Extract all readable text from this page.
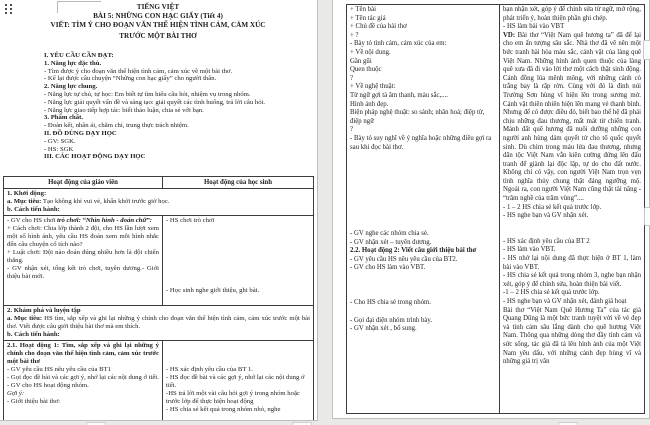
TIẾNG VIỆT
BÀI 5: NHỮNG CON HẠC GIẤY (Tiết 4)
VIẾT: TÌM Ý CHO ĐOẠN VĂN THỂ HIỆN TÌNH CẢM, CẢM XÚC
TRƯỚC MỘT BÀI THƠ
I. YÊU CẦU CẦN ĐẠT:
1. Năng lực đặc thù.
- Tìm được ý cho đoạn văn thể hiện tình cảm, cảm xúc về một bài thơ.
- Kể lại được câu chuyện “Những con hạc giấy” cho người thân.
2. Năng lực chung.
- Năng lực tự chủ, tự học: Em biết tự tìm hiểu câu hỏi, nhiệm vụ trong nhóm.
- Năng lực giải quyết vấn đề và sáng tạo: giải quyết các tình huống, trả lời câu hỏi.
- Năng lực giao tiếp hợp tác: biết thảo luận, chia sẻ với bạn.
3. Phẩm chất.
- Đoàn kết, nhân ái, chăm chỉ, trung thực trách nhiệm.
II. ĐỒ DÙNG DẠY HỌC
- GV: SGK.
- HS: SGK
III. CÁC HOẠT ĐỘNG DẠY HỌC
Hoạt động của giáo viên	Hoạt động của học sinh
1. Khởi động:
a. Mục tiêu: Tạo không khí vui vẻ, khấn khởi trước giờ học.
b. Cách tiến hành:
- GV cho HS chơi trò chơi: “Nhìn hình - đoán chữ”:
+ Cách chơi: Chia lớp thành 2 đội, cho HS lần lượt xem một số hình ảnh, yêu cầu HS đoán xem mỗi hình nhắc đến câu chuyện cổ tích nào?
+ Luật chơi: Đội nào đoán đúng nhiều hơn là đội chiến thắng.
- GV nhận xét, tổng kết trò chơi, tuyên dương.- Giới thiệu bài mới.
- HS chơi trò chơi
- Học sinh nghe giới thiệu, ghi bài.
2. Khám phá và luyện tập
a. Mục tiêu: HS tìm, sắp xếp và ghi lại những ý chính cho đoạn văn thể hiện tình cảm, cảm xúc trước một bài thơ. Viết được câu giới thiệu bài thơ mà em thích.
b. Cách tiến hành:
2.1. Hoạt động 1: Tìm, sắp xếp và ghi lại những ý chính cho đoạn văn thể hiện tình cảm, cảm xúc trước một bài thơ
- GV yêu cầu HS nêu yêu cầu của BT1
- Gọi đọc đề bài và các gợi ý, nhớ lại các nội dung ở tiết.
- GV cho HS hoạt động nhóm.
Gợi ý:
- Giới thiệu bài thơ:
- HS xác định yêu cầu của BT 1.
- HS đọc đề bài và các gợi ý, nhớ lại các nội dung ở tiết.
-HS trả lời một vài câu hỏi gợi ý trong nhóm hoặc trước lớp để thực hiện hoạt động
- HS chia sẻ kết quả trong nhóm nhỏ, nghe
+ Tên bài
+ Tên tác giả
+ Chủ đề của bài thơ
+ ?
- Bày tỏ tình cảm, cảm xúc của em:
+ Về nội dung.
Gần gũi
Quen thuộc
?
+ Về nghệ thuật:
Từ ngữ gợi tả âm thanh, màu sắc,....
Hình ảnh đẹp.
Biện pháp nghệ thuật: so sánh; nhân hoá; điệp từ, điệp ngữ
?
- Bày tỏ suy nghĩ về ý nghĩa hoặc những điều gợi ra sau khi đọc bài thơ.
- GV nghe các nhóm chia sẻ.
- GV nhận xét – tuyên dương.
2.2. Hoạt động 2: Viết câu giới thiệu bài thơ
- GV yêu cầu HS nêu yêu cầu của BT2.
- GV cho HS làm vào VBT.
- Cho HS chia sẻ trong nhóm.
- Gọi đại diện nhóm trình bày.
- GV nhận xét , bổ sung.
bạn nhận xét, góp ý để chỉnh sửa từ ngữ, mở rộng, phát triển ý, hoàn thiện phần ghi chép.
- HS làm bài vào VBT
VD: Bài thơ “Việt Nam quê hương ta” đã để lại cho em ấn tượng sâu sắc. Nhà thơ đã vẽ nên một bức tranh hài hòa màu sắc, cảnh vật của làng quê Việt Nam. Những hình ảnh quen thuộc của làng quê xưa đã đi vào lời thơ một cách thật sinh động. Cánh đồng lúa mênh mông, với những cánh cò trắng bay là rập rờn. Cùng với đó là đỉnh núi Trường Sơn hùng vĩ hiện lên trong sương mờ. Cảnh vật thiên nhiên hiện lên mang vẻ thanh bình. Nhưng để có được điều đó, biết bao thế hệ đã phải chịu những đau thương, mất mát từ chiến tranh. Mảnh đất quê hương đã nuôi dưỡng những con người anh hùng dám quyết tử cho tổ quốc quyết sinh. Dù chìm trong máu lửa đau thương, nhưng dân tộc Việt Nam vẫn kiên cường đứng lên đấu tranh để giành lại độc lập, tự do cho đất nước. Không chỉ có vậy, con người Việt Nam trọn vẹn tình nghĩa thủy chung thật đáng ngưỡng mộ. Ngoài ra, con người Việt Nam cũng thật tài năng - “trăm nghề của trăm vùng”....
- 1 – 2 HS chia sẻ kết quả trước lớp.
- HS nghe bạn và GV nhận xét.
- HS xác định yêu cầu của BT 2
- HS làm vào VBT.
- HS nhớ lại nội dung đã thực hiện ở BT 1, làm bài vào VBT.
- HS chia sẻ kết quả trong nhóm 3, nghe bạn nhận xét, góp ý để chỉnh sửa, hoàn thiện bài viết.
-1 – 2 HS chia sẻ kết quả trước lớp.
- HS nghe bạn và GV nhận xét, đánh giá hoạt
Bài thơ “Việt Nam Quê Hương Ta” của tác giả Quang Dũng là một bức tranh tuyệt vời về vẻ đẹp và tình cảm sâu lắng dành cho quê hương Việt Nam. Thông qua những dòng thơ đầy tình cảm và sức sống, tác giả đã tả lên hình ảnh của một Việt Nam yêu dấu, với những cảnh đẹp hùng vĩ và những giá trị văn
